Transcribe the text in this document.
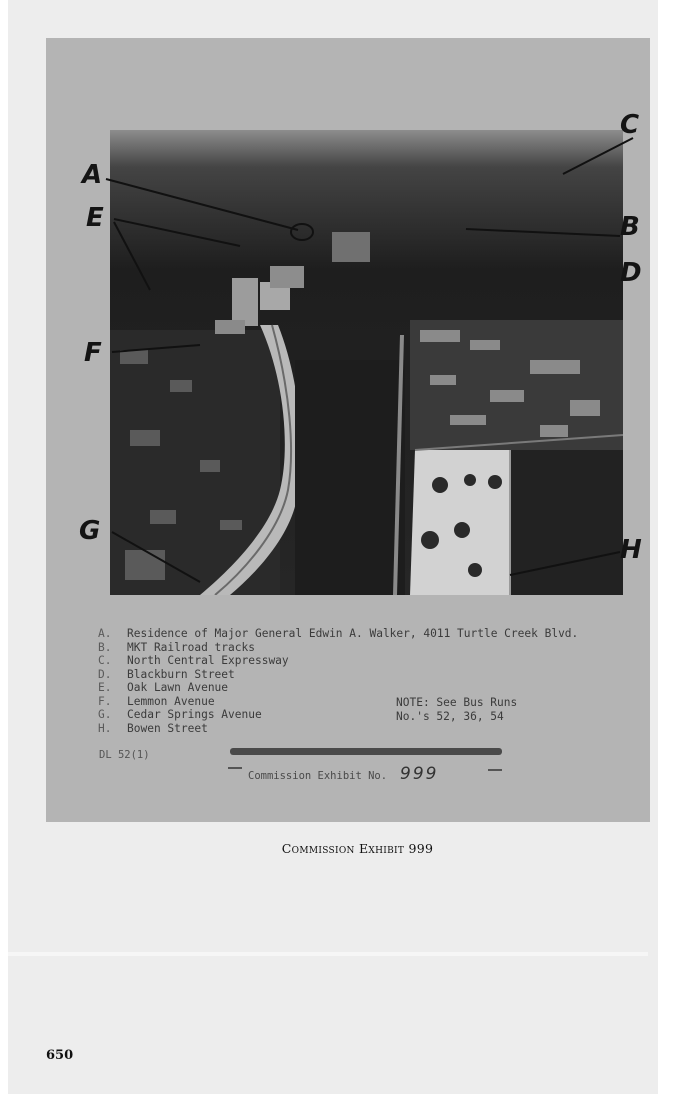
A
B
C
D
E
F
G
H
A.	Residence of Major General Edwin A. Walker, 4011 Turtle Creek Blvd.
B.	MKT Railroad tracks
C.	North Central Expressway
D.	Blackburn Street
E.	Oak Lawn Avenue
F.	Lemmon Avenue
G.	Cedar Springs Avenue
H.	Bowen Street
NOTE: See Bus Runs
No.'s 52, 36, 54
DL 52(1)
Commission Exhibit No. 999
Commission Exhibit 999
650
